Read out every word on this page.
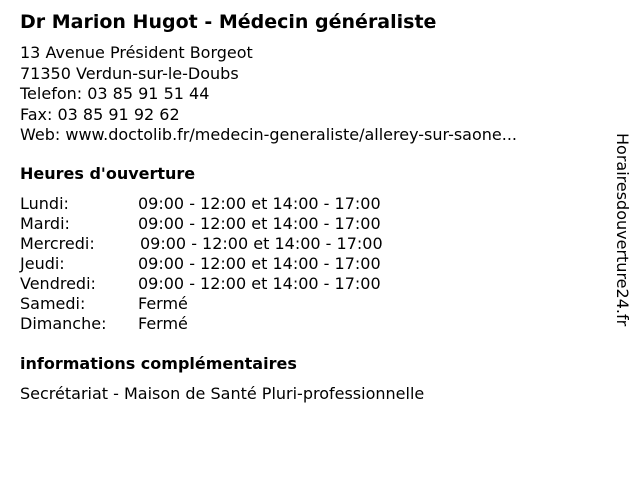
Dr Marion Hugot - Médecin généraliste
13 Avenue Président Borgeot
71350 Verdun-sur-le-Doubs
Telefon: 03 85 91 51 44
Fax: 03 85 91 92 62
Web: www.doctolib.fr/medecin-generaliste/allerey-sur-saone...
Heures d'ouverture
Lundi:	09:00 - 12:00 et 14:00 - 17:00
Mardi:	09:00 - 12:00 et 14:00 - 17:00
Mercredi:	09:00 - 12:00 et 14:00 - 17:00
Jeudi:	09:00 - 12:00 et 14:00 - 17:00
Vendredi:	09:00 - 12:00 et 14:00 - 17:00
Samedi:	Fermé
Dimanche: Fermé
informations complémentaires
Secrétariat - Maison de Santé Pluri-professionnelle
Horairesdouverture24.fr
